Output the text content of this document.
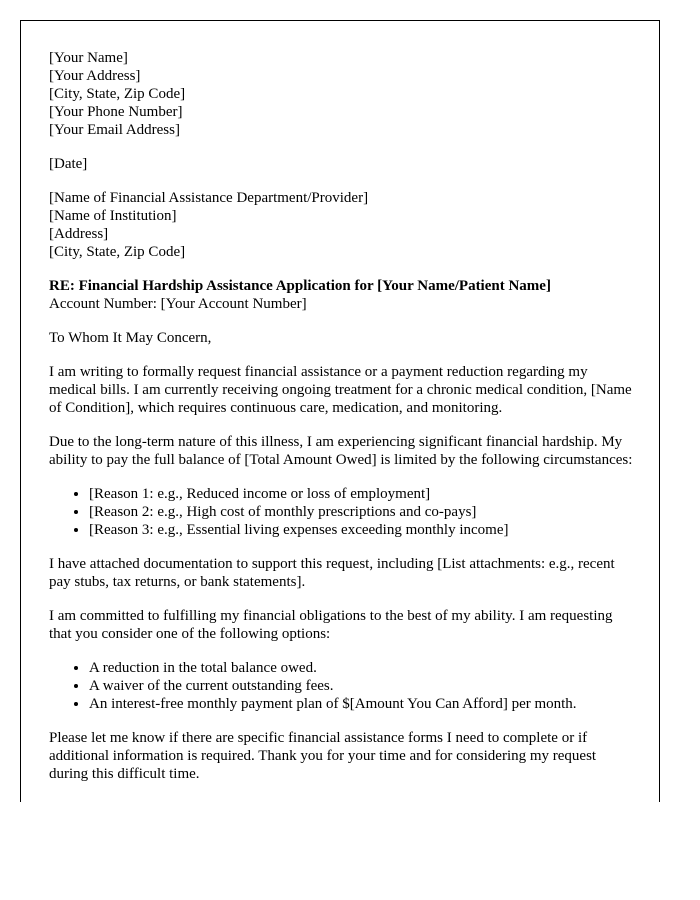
[Your Name]
[Your Address]
[City, State, Zip Code]
[Your Phone Number]
[Your Email Address]
[Date]
[Name of Financial Assistance Department/Provider]
[Name of Institution]
[Address]
[City, State, Zip Code]
RE: Financial Hardship Assistance Application for [Your Name/Patient Name]
Account Number: [Your Account Number]

To Whom It May Concern,

I am writing to formally request financial assistance or a payment reduction regarding my medical bills. I am currently receiving ongoing treatment for a chronic medical condition, [Name of Condition], which requires continuous care, medication, and monitoring.

Due to the long-term nature of this illness, I am experiencing significant financial hardship. My ability to pay the full balance of [Total Amount Owed] is limited by the following circumstances:

• [Reason 1: e.g., Reduced income or loss of employment]
• [Reason 2: e.g., High cost of monthly prescriptions and co-pays]
• [Reason 3: e.g., Essential living expenses exceeding monthly income]

I have attached documentation to support this request, including [List attachments: e.g., recent pay stubs, tax returns, or bank statements].

I am committed to fulfilling my financial obligations to the best of my ability. I am requesting that you consider one of the following options:

• A reduction in the total balance owed.
• A waiver of the current outstanding fees.
• An interest-free monthly payment plan of $[Amount You Can Afford] per month.

Please let me know if there are specific financial assistance forms I need to complete or if additional information is required. Thank you for your time and for considering my request during this difficult time.
